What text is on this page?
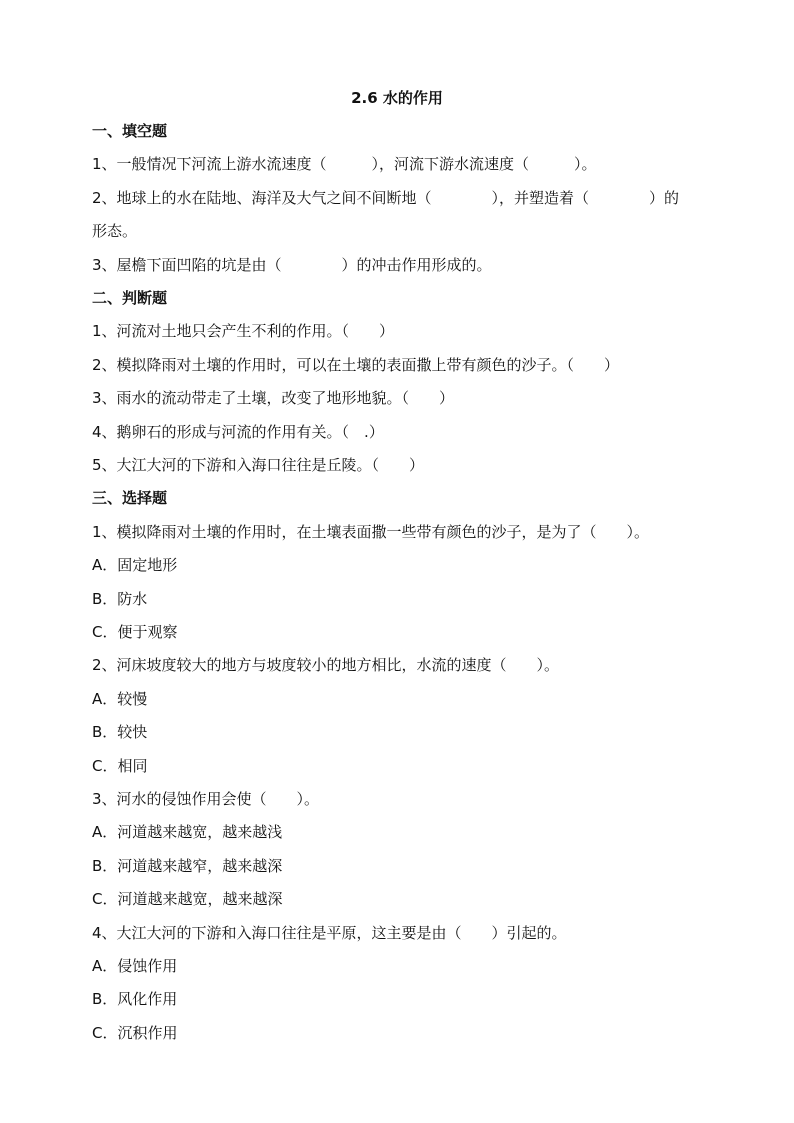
2.6 水的作用
一、填空题
1、一般情况下河流上游水流速度（　　　），河流下游水流速度（　　　）。
2、地球上的水在陆地、海洋及大气之间不间断地（　　　　），并塑造着（　　　　）的
形态。
3、屋檐下面凹陷的坑是由（　　　　）的冲击作用形成的。
二、判断题
1、河流对土地只会产生不利的作用。（　　）
2、模拟降雨对土壤的作用时，可以在土壤的表面撒上带有颜色的沙子。（　　）
3、雨水的流动带走了土壤，改变了地形地貌。（　　）
4、鹅卵石的形成与河流的作用有关。（　.）
5、大江大河的下游和入海口往往是丘陵。（　　）
三、选择题
1、模拟降雨对土壤的作用时，在土壤表面撒一些带有颜色的沙子，是为了（　　）。
A．固定地形
B．防水
C．便于观察
2、河床坡度较大的地方与坡度较小的地方相比，水流的速度（　　）。
A．较慢
B．较快
C．相同
3、河水的侵蚀作用会使（　　）。
A．河道越来越宽，越来越浅
B．河道越来越窄，越来越深
C．河道越来越宽，越来越深
4、大江大河的下游和入海口往往是平原，这主要是由（　　）引起的。
A．侵蚀作用
B．风化作用
C．沉积作用
